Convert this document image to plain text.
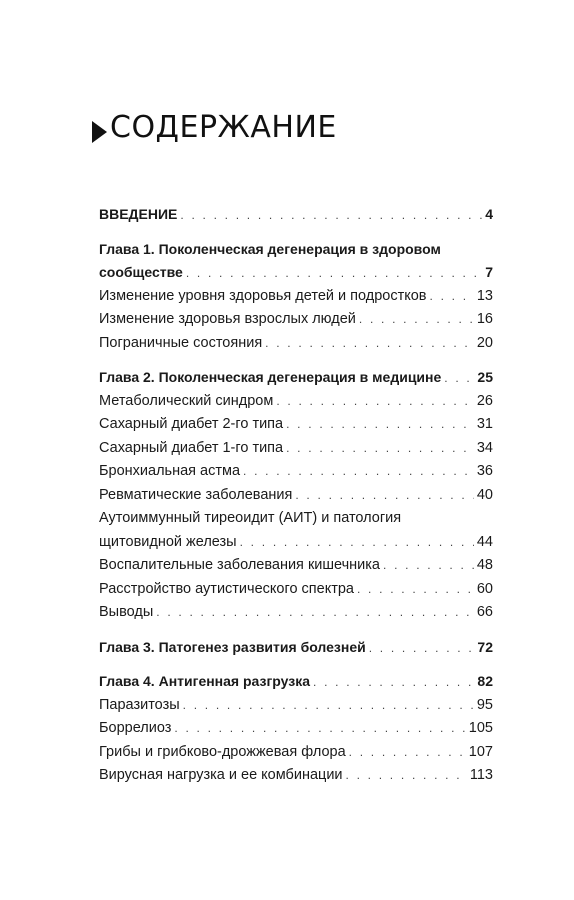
СОДЕРЖАНИЕ
ВВЕДЕНИЕ . . .	4
Глава 1. Поколенческая дегенерация в здоровом
сообществе . . .	7
Изменение уровня здоровья детей и подростков . . .	13
Изменение здоровья взрослых людей . . .	16
Пограничные состояния . . .	20
Глава 2. Поколенческая дегенерация в медицине . . .	25
Метаболический синдром . . .	26
Сахарный диабет 2-го типа . . .	31
Сахарный диабет 1-го типа . . .	34
Бронхиальная астма . . .	36
Ревматические заболевания . . .	40
Аутоиммунный тиреоидит (АИТ) и патология
щитовидной железы . . .	44
Воспалительные заболевания кишечника . . .	48
Расстройство аутистического спектра . . .	60
Выводы . . .	66
Глава 3. Патогенез развития болезней . . .	72
Глава 4. Антигенная разгрузка . . .	82
Паразитозы . . .	95
Боррелиоз . . .	105
Грибы и грибково-дрожжевая флора . . .	107
Вирусная нагрузка и ее комбинации . . .	113
